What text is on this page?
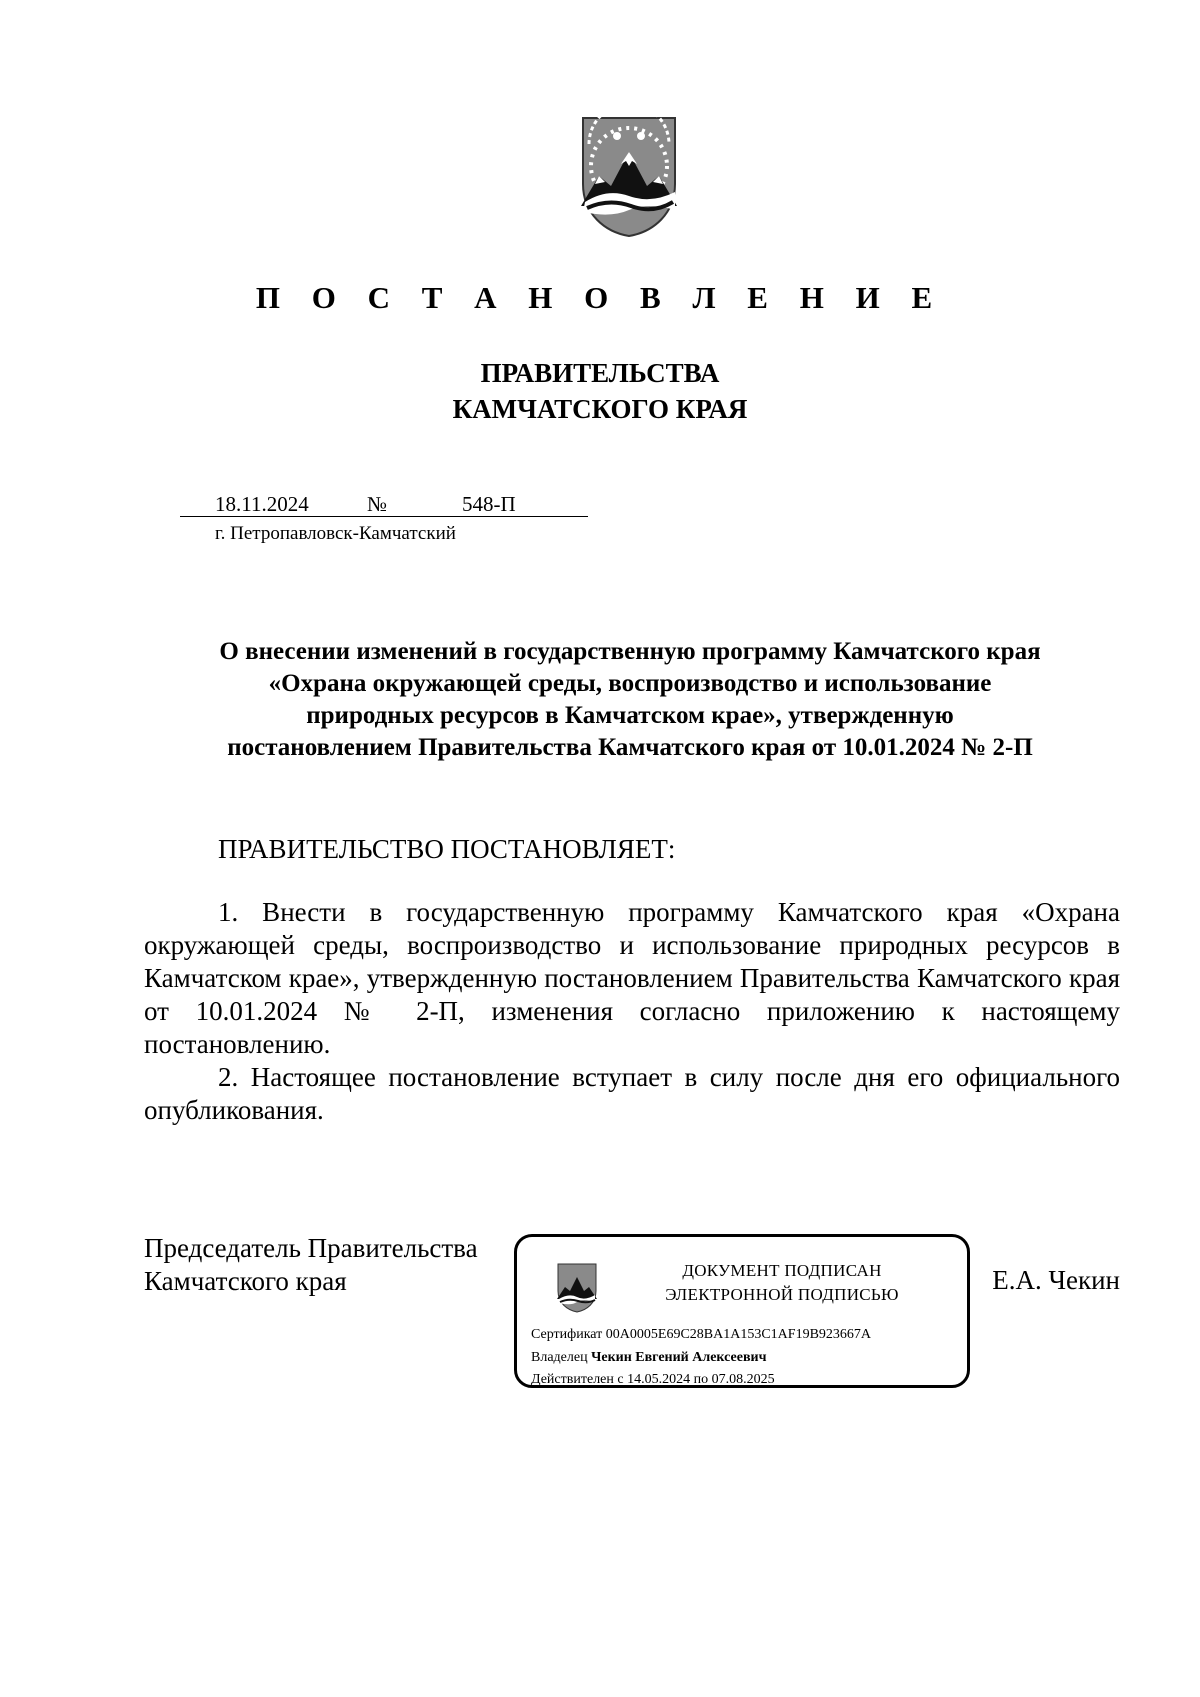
П О С Т А Н О В Л Е Н И Е
ПРАВИТЕЛЬСТВА
КАМЧАТСКОГО КРАЯ
18.11.2024	№	548-П
г. Петропавловск-Камчатский
О внесении изменений в государственную программу Камчатского края
«Охрана окружающей среды, воспроизводство и использование
природных ресурсов в Камчатском крае», утвержденную
постановлением Правительства Камчатского края от 10.01.2024 № 2-П
ПРАВИТЕЛЬСТВО ПОСТАНОВЛЯЕТ:

1. Внести в государственную программу Камчатского края «Охрана окружающей среды, воспроизводство и использование природных ресурсов в Камчатском крае», утвержденную постановлением Правительства Камчатского края от 10.01.2024 № 2-П, изменения согласно приложению к настоящему постановлению.

2. Настоящее постановление вступает в силу после дня его официального опубликования.

Председатель Правительства
Камчатского края	ДОКУМЕНТ ПОДПИСАН
ЭЛЕКТРОННОЙ ПОДПИСЬЮ
Сертификат 00A0005E69C28BA1A153C1AF19B923667A
Владелец Чекин Евгений Алексеевич
Действителен с 14.05.2024 по 07.08.2025
Е.А. Чекин
